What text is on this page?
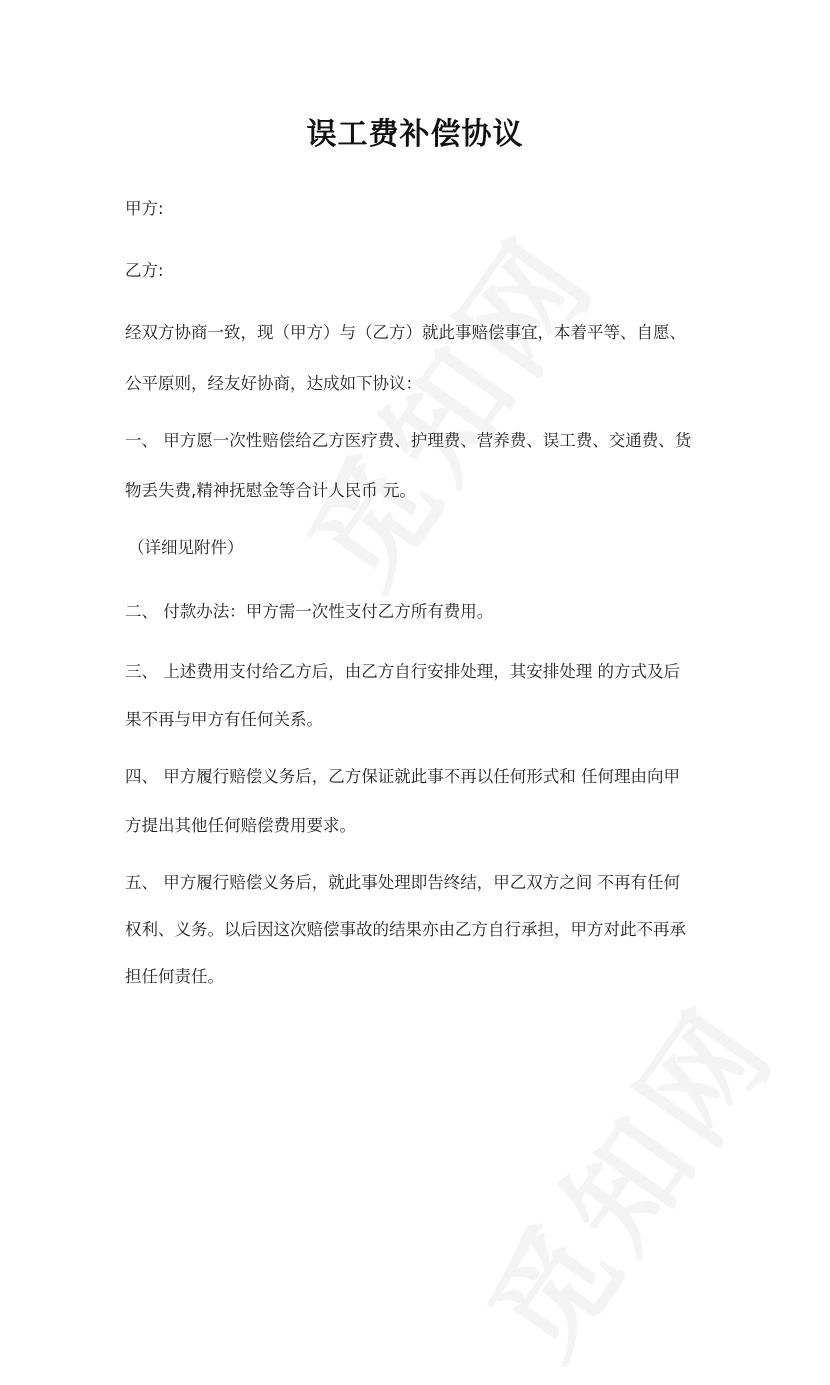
误工费补偿协议
甲方:
乙方:
经双方协商一致，现（甲方）与（乙方）就此事赔偿事宜，本着平等、自愿、
公平原则，经友好协商，达成如下协议：
一、 甲方愿一次性赔偿给乙方医疗费、护理费、营养费、误工费、交通费、货
物丢失费,精神抚慰金等合计人民币 元。
（详细见附件）
二、 付款办法：甲方需一次性支付乙方所有费用。
三、 上述费用支付给乙方后，由乙方自行安排处理，其安排处理 的方式及后
果不再与甲方有任何关系。
四、 甲方履行赔偿义务后，乙方保证就此事不再以任何形式和 任何理由向甲
方提出其他任何赔偿费用要求。
五、 甲方履行赔偿义务后，就此事处理即告终结，甲乙双方之间 不再有任何
权利、义务。以后因这次赔偿事故的结果亦由乙方自行承担，甲方对此不再承
担任何责任。
